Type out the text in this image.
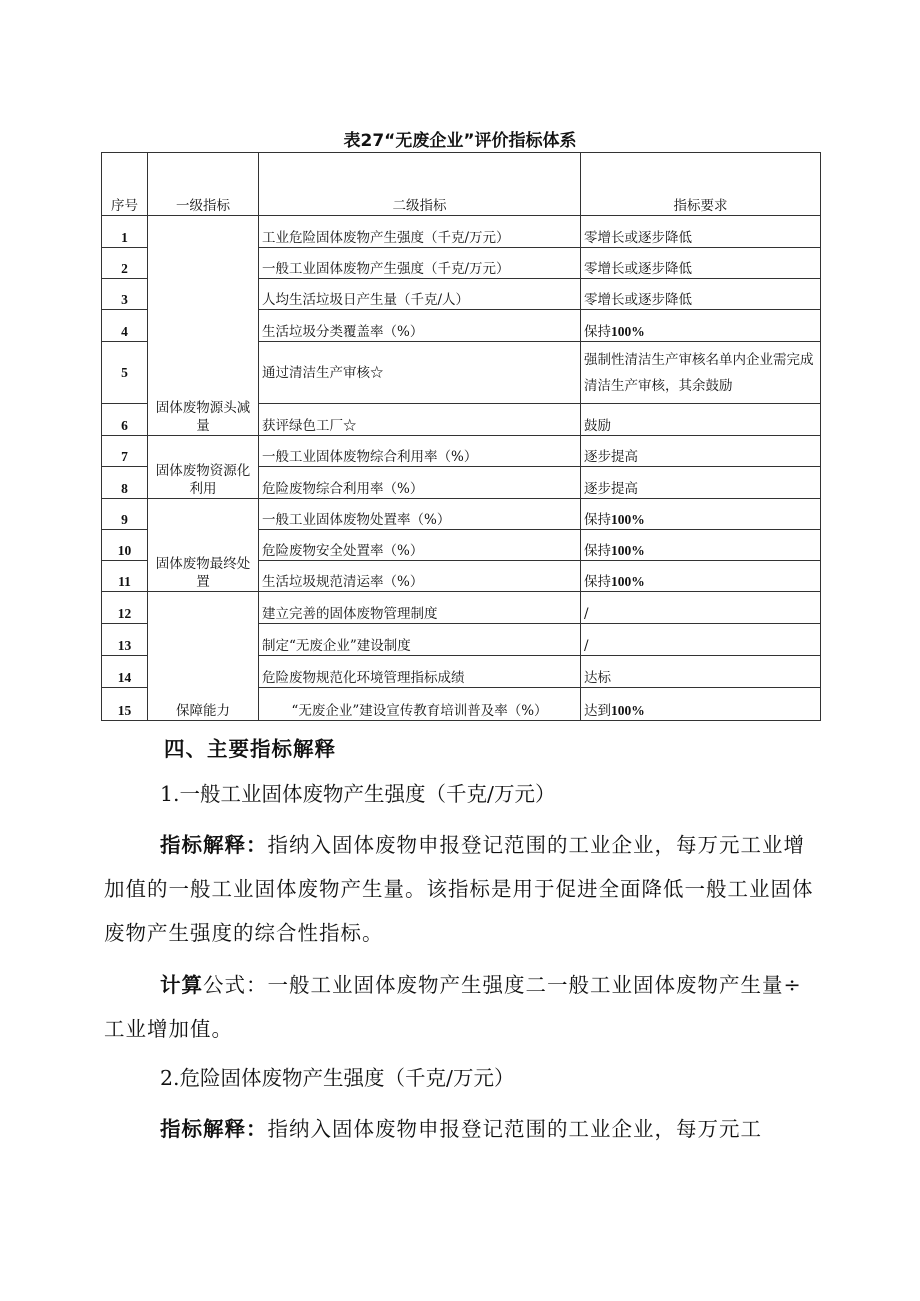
表27“无废企业”评价指标体系
序号	一级指标	二级指标	指标要求
1	固体废物源头减量	工业危险固体废物产生强度（千克/万元）	零增长或逐步降低
2		一般工业固体废物产生强度（千克/万元）	零增长或逐步降低
3		人均生活垃圾日产生量（千克/人）	零增长或逐步降低
4		生活垃圾分类覆盖率（%）	保持100%
5		通过清洁生产审核☆	强制性清洁生产审核名单内企业需完成清洁生产审核，其余鼓励
6		获评绿色工厂☆	鼓励
7	固体废物资源化利用	一般工业固体废物综合利用率（%）	逐步提高
8		危险废物综合利用率（%）	逐步提高
9	固体废物最终处置	一般工业固体废物处置率（%）	保持100%
10		危险废物安全处置率（%）	保持100%
11		生活垃圾规范清运率（%）	保持100%
12	保障能力	建立完善的固体废物管理制度	/
13		制定“无废企业”建设制度	/
14		危险废物规范化环境管理指标成绩	达标
15		“无废企业”建设宣传教育培训普及率（%）	达到100%
四、主要指标解释
1.一般工业固体废物产生强度（千克/万元）
指标解释：指纳入固体废物申报登记范围的工业企业，每万元工业增加值的一般工业固体废物产生量。该指标是用于促进全面降低一般工业固体废物产生强度的综合性指标。
计算公式：一般工业固体废物产生强度二一般工业固体废物产生量÷工业增加值。
2.危险固体废物产生强度（千克/万元）
指标解释：指纳入固体废物申报登记范围的工业企业，每万元工
